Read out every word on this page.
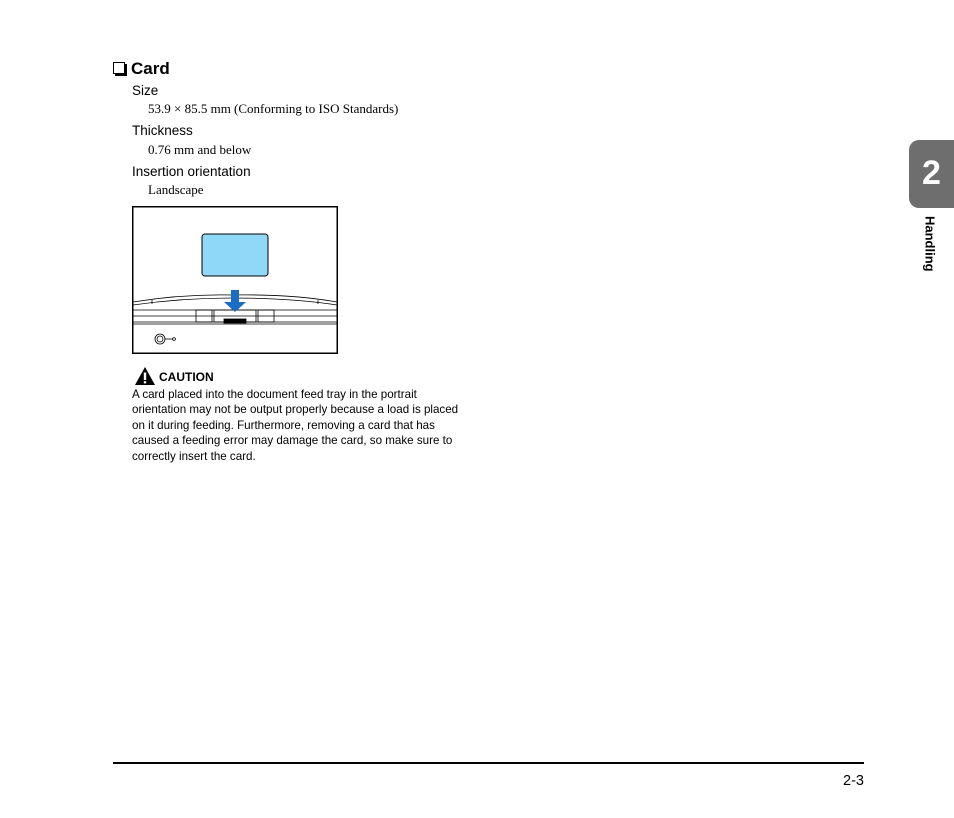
Card
Size
53.9 × 85.5 mm (Conforming to ISO Standards)
Thickness
0.76 mm and below
Insertion orientation
Landscape
CAUTION
A card placed into the document feed tray in the portrait orientation may not be output properly because a load is placed on it during feeding. Furthermore, removing a card that has caused a feeding error may damage the card, so make sure to correctly insert the card.
2
Handling
2-3
